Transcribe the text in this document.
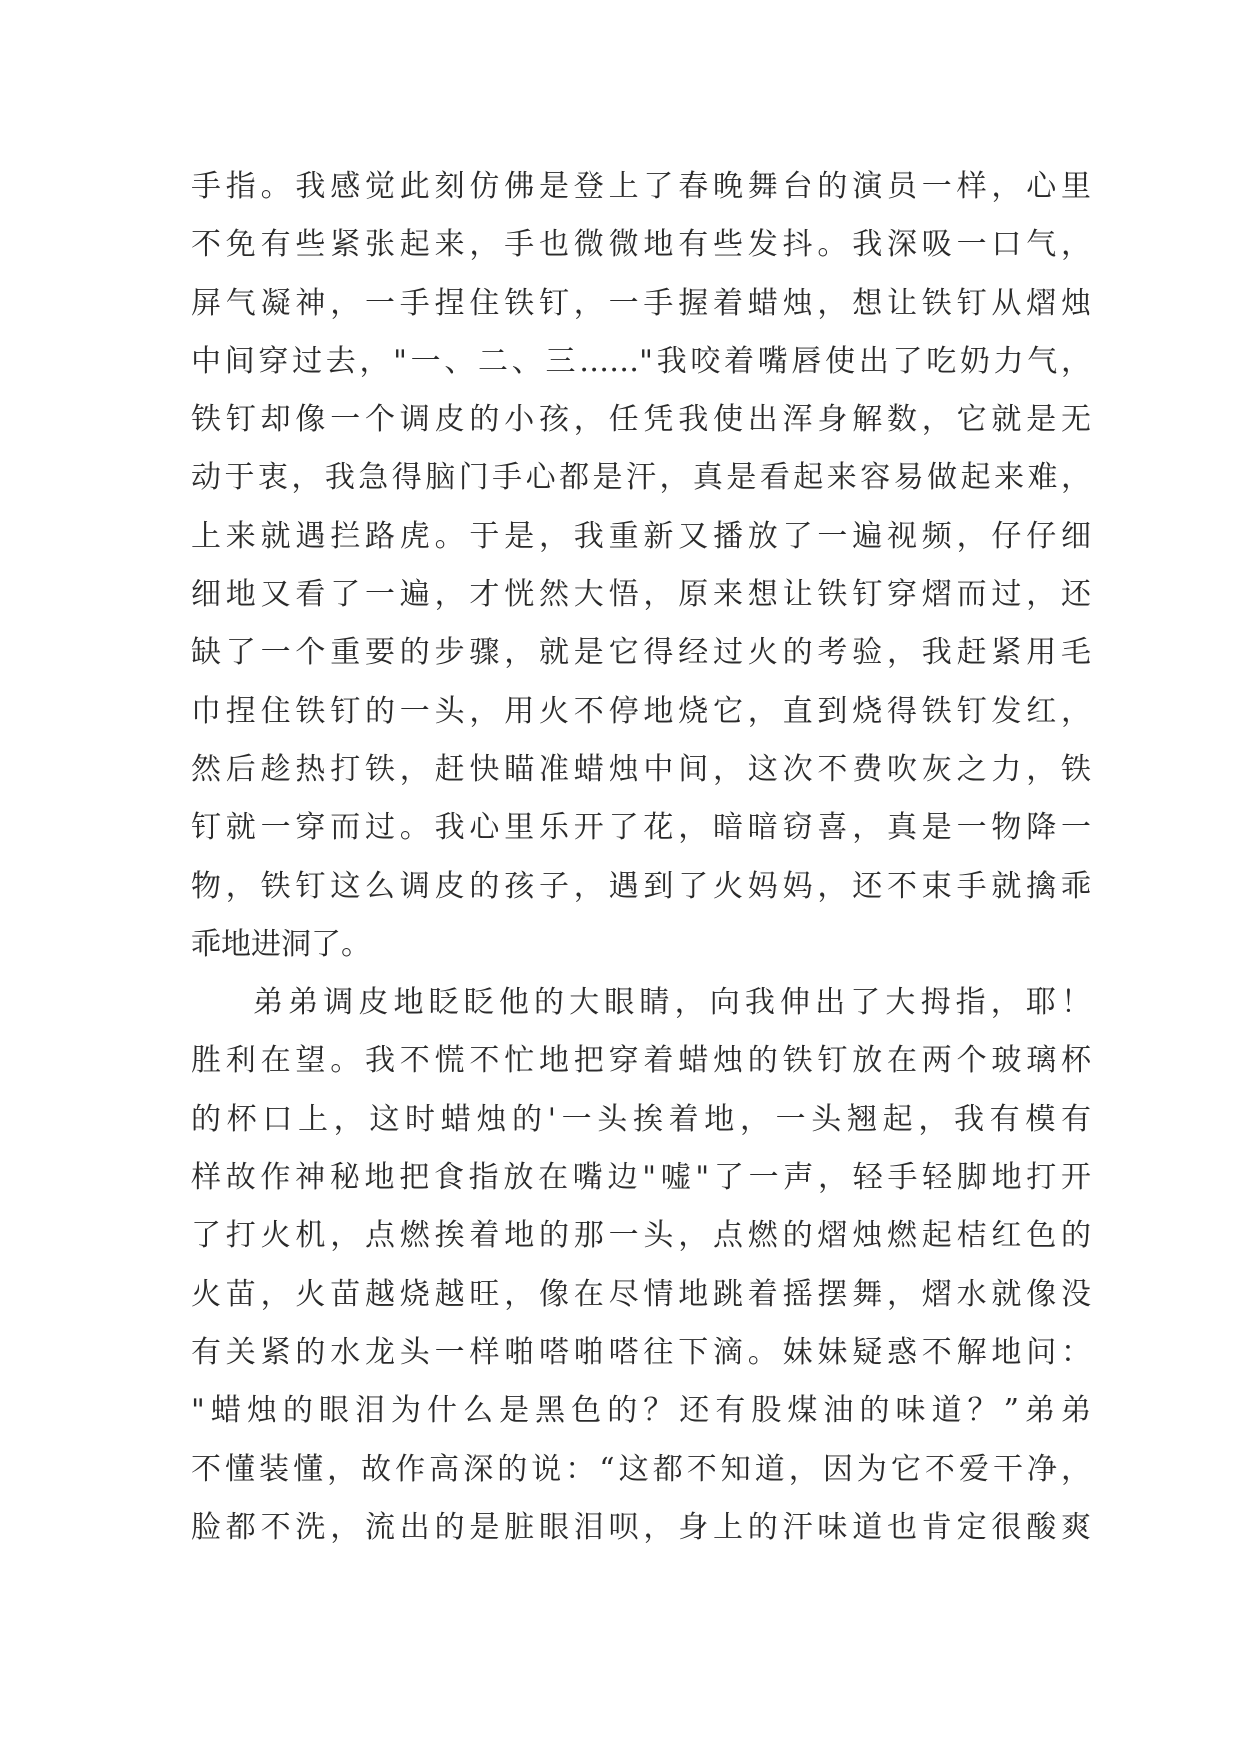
手指。我感觉此刻仿佛是登上了春晚舞台的演员一样，心里
不免有些紧张起来，手也微微地有些发抖。我深吸一口气，
屏气凝神，一手捏住铁钉，一手握着蜡烛，想让铁钉从熠烛
中间穿过去，"一、二、三……"我咬着嘴唇使出了吃奶力气，
铁钉却像一个调皮的小孩，任凭我使出浑身解数，它就是无
动于衷，我急得脑门手心都是汗，真是看起来容易做起来难，
上来就遇拦路虎。于是，我重新又播放了一遍视频，仔仔细
细地又看了一遍，才恍然大悟，原来想让铁钉穿熠而过，还
缺了一个重要的步骤，就是它得经过火的考验，我赶紧用毛
巾捏住铁钉的一头，用火不停地烧它，直到烧得铁钉发红，
然后趁热打铁，赶快瞄准蜡烛中间，这次不费吹灰之力，铁
钉就一穿而过。我心里乐开了花，暗暗窃喜，真是一物降一
物，铁钉这么调皮的孩子，遇到了火妈妈，还不束手就擒乖
乖地进洞了。
弟弟调皮地眨眨他的大眼睛，向我伸出了大拇指，耶！
胜利在望。我不慌不忙地把穿着蜡烛的铁钉放在两个玻璃杯
的杯口上，这时蜡烛的'一头挨着地，一头翘起，我有模有
样故作神秘地把食指放在嘴边"嘘"了一声，轻手轻脚地打开
了打火机，点燃挨着地的那一头，点燃的熠烛燃起桔红色的
火苗，火苗越烧越旺，像在尽情地跳着摇摆舞，熠水就像没
有关紧的水龙头一样啪嗒啪嗒往下滴。妹妹疑惑不解地问：
"蜡烛的眼泪为什么是黑色的？还有股煤油的味道？”弟弟
不懂装懂，故作高深的说：“这都不知道，因为它不爱干净，
脸都不洗，流出的是脏眼泪呗，身上的汗味道也肯定很酸爽
